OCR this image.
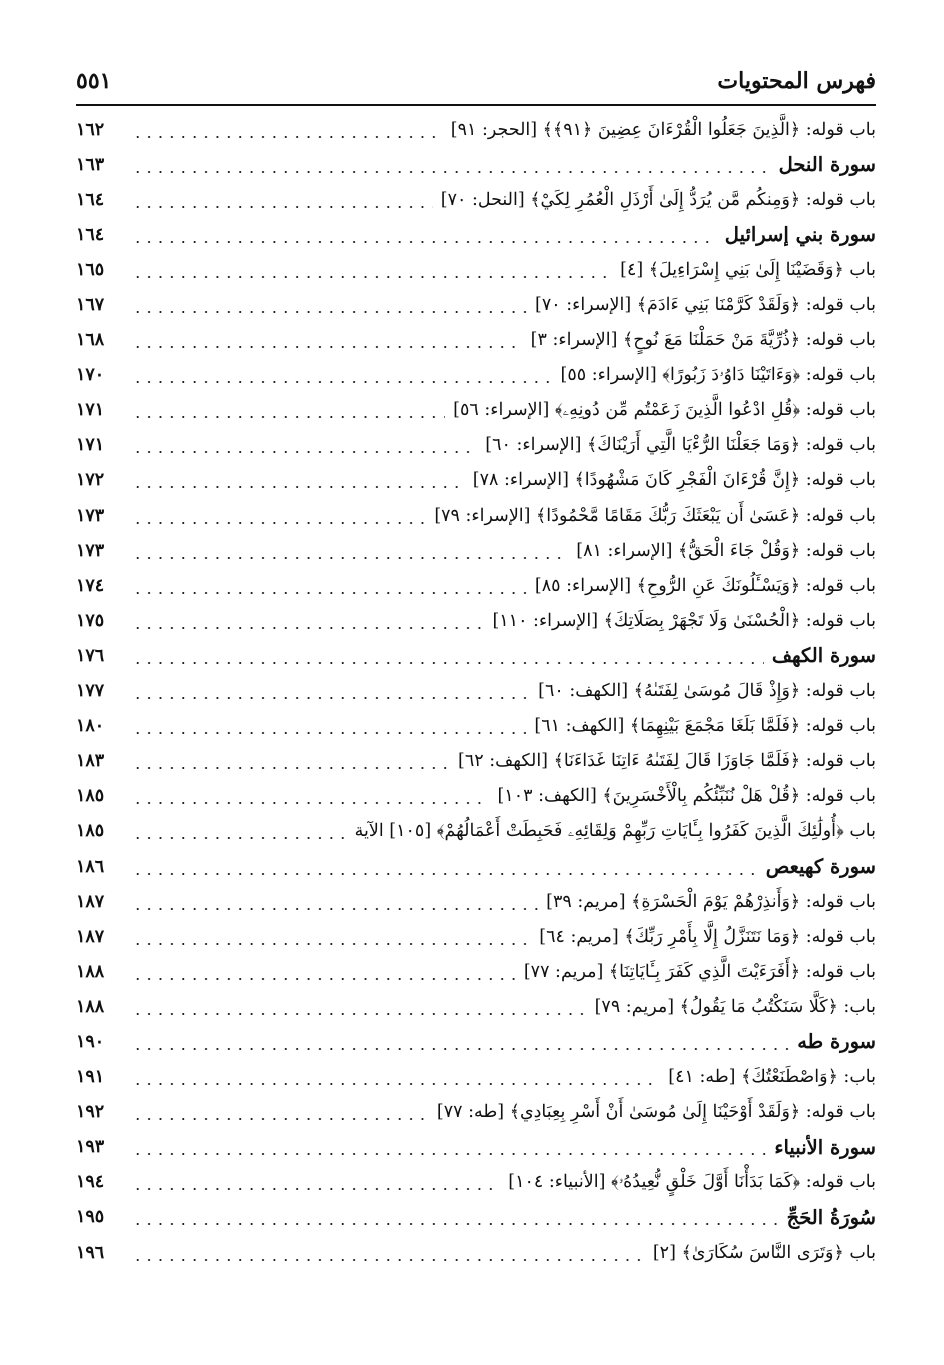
فهرس المحتويات
٥٥١
باب قوله: ﴿الَّذِينَ جَعَلُوا الْقُرْءَانَ عِضِينَ ﴿٩١﴾﴾ [الحجر: ٩١]
١٦٢
سورة النحل
١٦٣
باب قوله: ﴿وَمِنكُم مَّن يُرَدُّ إِلَىٰ أَرْذَلِ الْعُمُرِ لِكَيْ﴾ [النحل: ٧٠]
١٦٤
سورة بني إسرائيل
١٦٤
باب ﴿وَقَضَيْنَا إِلَىٰ بَنِي إِسْرَاءِيلَ﴾ [٤]
١٦٥
باب قوله: ﴿وَلَقَدْ كَرَّمْنَا بَنِي ءَادَمَ﴾ [الإسراء: ٧٠]
١٦٧
باب قوله: ﴿ذُرِّيَّةَ مَنْ حَمَلْنَا مَعَ نُوحٍ﴾ [الإسراء: ٣]
١٦٨
باب قوله: ﴿وَءَاتَيْنَا دَاوُۥدَ زَبُورًا﴾ [الإسراء: ٥٥]
١٧٠
باب قوله: ﴿قُلِ ادْعُوا الَّذِينَ زَعَمْتُم مِّن دُونِهِۦ﴾ [الإسراء: ٥٦]
١٧١
باب قوله: ﴿وَمَا جَعَلْنَا الرُّءْيَا الَّتِي أَرَيْنَاكَ﴾ [الإسراء: ٦٠]
١٧١
باب قوله: ﴿إِنَّ قُرْءَانَ الْفَجْرِ كَانَ مَشْهُودًا﴾ [الإسراء: ٧٨]
١٧٢
باب قوله: ﴿عَسَىٰ أَن يَبْعَثَكَ رَبُّكَ مَقَامًا مَّحْمُودًا﴾ [الإسراء: ٧٩]
١٧٣
باب قوله: ﴿وَقُلْ جَاءَ الْحَقُّ﴾ [الإسراء: ٨١]
١٧٣
باب قوله: ﴿وَيَسْـَٔلُونَكَ عَنِ الرُّوحِ﴾ [الإسراء: ٨٥]
١٧٤
باب قوله: ﴿الْحُسْنَىٰ وَلَا تَجْهَرْ بِصَلَاتِكَ﴾ [الإسراء: ١١٠]
١٧٥
سورة الكهف
١٧٦
باب قوله: ﴿وَإِذْ قَالَ مُوسَىٰ لِفَتَىٰهُ﴾ [الكهف: ٦٠]
١٧٧
باب قوله: ﴿فَلَمَّا بَلَغَا مَجْمَعَ بَيْنِهِمَا﴾ [الكهف: ٦١]
١٨٠
باب قوله: ﴿فَلَمَّا جَاوَزَا قَالَ لِفَتَىٰهُ ءَاتِنَا غَدَاءَنَا﴾ [الكهف: ٦٢]
١٨٣
باب قوله: ﴿قُلْ هَلْ نُنَبِّئُكُم بِالْأَخْسَرِينَ﴾ [الكهف: ١٠٣]
١٨٥
باب ﴿أُولَٰئِكَ الَّذِينَ كَفَرُوا بِـَٔايَاتِ رَبِّهِمْ وَلِقَائِهِۦ فَحَبِطَتْ أَعْمَالُهُمْ﴾ [١٠٥] الآية
١٨٥
سورة كهيعص
١٨٦
باب قوله: ﴿وَأَنذِرْهُمْ يَوْمَ الْحَسْرَةِ﴾ [مريم: ٣٩]
١٨٧
باب قوله: ﴿وَمَا نَتَنَزَّلُ إِلَّا بِأَمْرِ رَبِّكَ﴾ [مريم: ٦٤]
١٨٧
باب قوله: ﴿أَفَرَءَيْتَ الَّذِي كَفَرَ بِـَٔايَاتِنَا﴾ [مريم: ٧٧]
١٨٨
باب: ﴿كَلَّا سَنَكْتُبُ مَا يَقُولُ﴾ [مريم: ٧٩]
١٨٨
سورة طه
١٩٠
باب: ﴿وَاصْطَنَعْتُكَ﴾ [طه: ٤١]
١٩١
باب قوله: ﴿وَلَقَدْ أَوْحَيْنَا إِلَىٰ مُوسَىٰ أَنْ أَسْرِ بِعِبَادِي﴾ [طه: ٧٧]
١٩٢
سورة الأنبياء
١٩٣
باب قوله: ﴿كَمَا بَدَأْنَا أَوَّلَ خَلْقٍ نُّعِيدُهُۥ﴾ [الأنبياء: ١٠٤]
١٩٤
سُورَةُ الحَجِّ
١٩٥
باب ﴿وَتَرَى النَّاسَ سُكَارَىٰ﴾ [٢]
١٩٦
